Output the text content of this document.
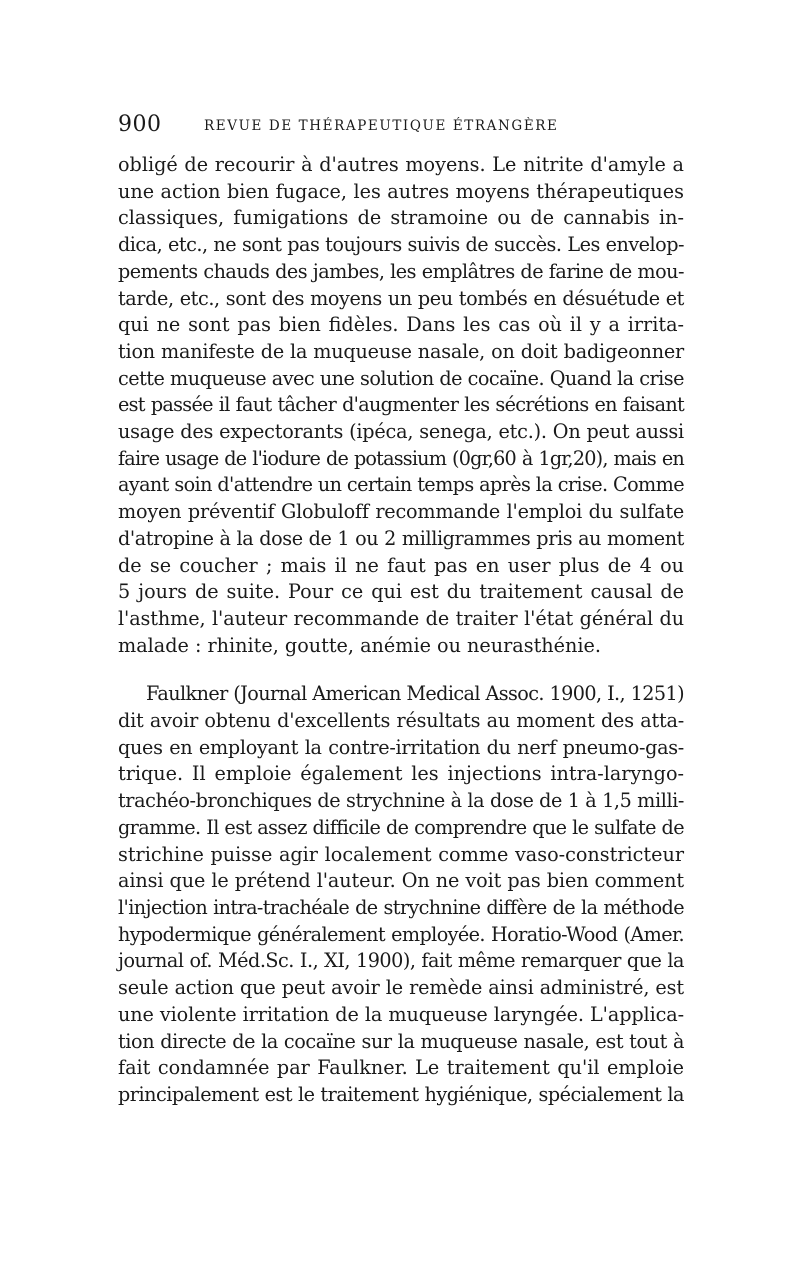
900	REVUE DE THÉRAPEUTIQUE ÉTRANGÈRE
obligé de recourir à d'autres moyens. Le nitrite d'amyle a
une action bien fugace, les autres moyens thérapeutiques
classiques, fumigations de stramoine ou de cannabis in-
dica, etc., ne sont pas toujours suivis de succès. Les envelop-
pements chauds des jambes, les emplâtres de farine de mou-
tarde, etc., sont des moyens un peu tombés en désuétude et
qui ne sont pas bien fidèles. Dans les cas où il y a irrita-
tion manifeste de la muqueuse nasale, on doit badigeonner
cette muqueuse avec une solution de cocaïne. Quand la crise
est passée il faut tâcher d'augmenter les sécrétions en faisant
usage des expectorants (ipéca, senega, etc.). On peut aussi
faire usage de l'iodure de potassium (0gr,60 à 1gr,20), mais en
ayant soin d'attendre un certain temps après la crise. Comme
moyen préventif Globuloff recommande l'emploi du sulfate
d'atropine à la dose de 1 ou 2 milligrammes pris au moment
de se coucher ; mais il ne faut pas en user plus de 4 ou
5 jours de suite. Pour ce qui est du traitement causal de
l'asthme, l'auteur recommande de traiter l'état général du
malade : rhinite, goutte, anémie ou neurasthénie.
Faulkner (Journal American Medical Assoc. 1900, I., 1251)
dit avoir obtenu d'excellents résultats au moment des atta-
ques en employant la contre-irritation du nerf pneumo-gas-
trique. Il emploie également les injections intra-laryngo-
trachéo-bronchiques de strychnine à la dose de 1 à 1,5 milli-
gramme. Il est assez difficile de comprendre que le sulfate de
strichine puisse agir localement comme vaso-constricteur
ainsi que le prétend l'auteur. On ne voit pas bien comment
l'injection intra-trachéale de strychnine diffère de la méthode
hypodermique généralement employée. Horatio-Wood (Amer.
journal of. Méd.Sc. I., XI, 1900), fait même remarquer que la
seule action que peut avoir le remède ainsi administré, est
une violente irritation de la muqueuse laryngée. L'applica-
tion directe de la cocaïne sur la muqueuse nasale, est tout à
fait condamnée par Faulkner. Le traitement qu'il emploie
principalement est le traitement hygiénique, spécialement la
